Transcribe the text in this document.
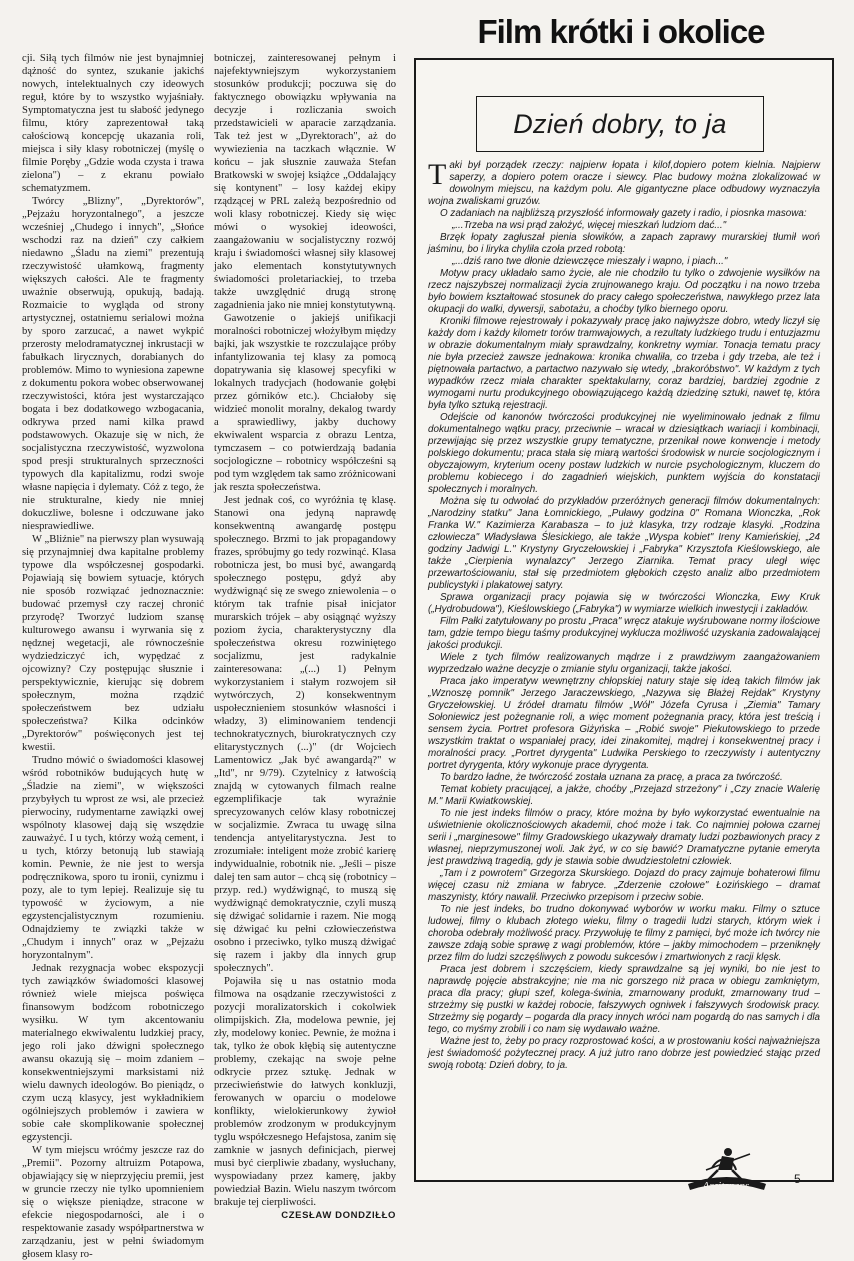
cji. Siłą tych filmów nie jest bynajmniej dążność do syntez, szukanie jakichś nowych, intelektualnych czy ideowych reguł, które by to wszystko wyjaśniały. Symptomatyczna jest tu słabość jedynego filmu, który zaprezentował taką całościową koncepcję ukazania roli, miejsca i siły klasy robotniczej (myślę o filmie Poręby „Gdzie woda czysta i trawa zielona") – z ekranu powiało schematyzmem.

Twórcy „Blizny", „Dyrektorów", „Pejzażu horyzontalnego", a jeszcze wcześniej „Chudego i innych", „Słońce wschodzi raz na dzień" czy całkiem niedawno „Śladu na ziemi" prezentują rzeczywistość ułamkową, fragmenty większych całości. Ale te fragmenty uważnie obserwują, opukują, badają. Rozmaicie to wygląda od strony artystycznej, ostatniemu serialowi można by sporo zarzucać, a nawet wykpić przerosty melodramatycznej inkrustacji w fabułkach lirycznych, dorabianych do problemów. Mimo to wyniesiona zapewne z dokumentu pokora wobec obserwowanej rzeczywistości, która jest wystarczająco bogata i bez dodatkowego wzbogacania, odkrywa przed nami kilka prawd podstawowych. Okazuje się w nich, że socjalistyczna rzeczywistość, wyzwolona spod presji strukturalnych sprzeczności typowych dla kapitalizmu, rodzi swoje własne napięcia i dylematy. Cóż z tego, że nie strukturalne, kiedy nie mniej dokuczliwe, bolesne i odczuwane jako niesprawiedliwe.

W „Bliźnie" na pierwszy plan wysuwają się przynajmniej dwa kapitalne problemy typowe dla współczesnej gospodarki. Pojawiają się bowiem sytuacje, których nie sposób rozwiązać jednoznacznie: budować przemysł czy raczej chronić przyrodę? Tworzyć ludziom szansę kulturowego awansu i wyrwania się z nędznej wegetacji, ale równocześnie wydziedziczyć ich, wypędzać z ojcowizny? Czy postępując słusznie i perspektywicznie, kierując się dobrem społecznym, można rządzić społeczeństwem bez udziału społeczeństwa? Kilka odcinków „Dyrektorów" poświęconych jest tej kwestii.

Trudno mówić o świadomości klasowej wśród robotników budujących hutę w „Śladzie na ziemi", w większości przybyłych tu wprost ze wsi, ale przecież pierwociny, rudymentarne zawiązki owej wspólnoty klasowej dają się wszędzie zauważyć. I u tych, którzy wożą cement, i u tych, którzy betonują lub stawiają komin. Pewnie, że nie jest to wersja podręcznikowa, sporo tu ironii, cynizmu i pozy, ale to tym lepiej. Realizuje się tu typowość w życiowym, a nie egzystencjalistycznym rozumieniu. Odnajdziemy te związki także w „Chudym i innych" oraz w „Pejzażu horyzontalnym".

Jednak rezygnacja wobec ekspozycji tych zawiązków świadomości klasowej również wiele miejsca poświęca finansowym bodźcom robotniczego wysiłku. W tym akcentowaniu materialnego ekwiwalentu ludzkiej pracy, jego roli jako dźwigni społecznego awansu okazują się – moim zdaniem – konsekwentniejszymi marksistami niż wielu dawnych ideologów. Bo pieniądz, o czym uczą klasycy, jest wykładnikiem ogólniejszych problemów i zawiera w sobie całe skomplikowanie społecznej egzystencji.

W tym miejscu wróćmy jeszcze raz do „Premii". Pozorny altruizm Potapowa, objawiający się w nieprzyjęciu premii, jest w gruncie rzeczy nie tylko upomnieniem się o większe pieniądze, stracone w efekcie niegospodarności, ale i o respektowanie zasady współpartnerstwa w zarządzaniu, jest w pełni świadomym głosem klasy ro-

botniczej, zainteresowanej pełnym i najefektywniejszym wykorzystaniem stosunków produkcji; poczuwa się do faktycznego obowiązku wpływania na decyzje i rozliczania swoich przedstawicieli w aparacie zarządzania. Tak też jest w „Dyrektorach", aż do wywiezienia na taczkach włącznie. W końcu – jak słusznie zauważa Stefan Bratkowski w swojej książce „Oddalający się kontynent" – losy każdej ekipy rządzącej w PRL zależą bezpośrednio od woli klasy robotniczej. Kiedy się więc mówi o wysokiej ideowości, zaangażowaniu w socjalistyczny rozwój kraju i świadomości własnej siły klasowej jako elementach konstytutywnych świadomości proletariackiej, to trzeba także uwzględnić drugą stronę zagadnienia jako nie mniej konstytutywną.

Gawotzenie o jakiejś unifikacji moralności robotniczej włożyłbym między bajki, jak wszystkie te rozczulające próby infantylizowania tej klasy za pomocą dopatrywania się klasowej specyfiki w lokalnych tradycjach (hodowanie gołębi przez górników etc.). Chciałoby się widzieć monolit moralny, dekalog twardy a sprawiedliwy, jakby duchowy ekwiwalent wsparcia z obrazu Lentza, tymczasem – co potwierdzają badania socjologiczne – robotnicy współcześni są pod tym względem tak samo zróżnicowani jak reszta społeczeństwa.

Jest jednak coś, co wyróżnia tę klasę. Stanowi ona jedyną naprawdę konsekwentną awangardę postępu społecznego. Brzmi to jak propagandowy frazes, spróbujmy go tedy rozwinąć. Klasa robotnicza jest, bo musi być, awangardą społecznego postępu, gdyż aby wydźwignąć się ze swego zniewolenia – o którym tak trafnie pisał inicjator murarskich trójek – aby osiągnąć wyższy poziom życia, charakterystyczny dla społeczeństwa okresu rozwiniętego socjalizmu, jest radykalnie zainteresowana: „(...) 1) Pełnym wykorzystaniem i stałym rozwojem sił wytwórczych, 2) konsekwentnym uspołecznieniem stosunków własności i władzy, 3) eliminowaniem tendencji technokratycznych, biurokratycznych czy elitarystycznych (...)" (dr Wojciech Lamentowicz „Jak być awangardą?" w „Itd", nr 9/79). Czytelnicy z łatwością znajdą w cytowanych filmach realne egzemplifikacje tak wyraźnie sprecyzowanych celów klasy robotniczej w socjalizmie. Zwraca tu uwagę silna tendencja antyelitarystyczna. Jest to zrozumiałe: inteligent może zrobić karierę indywidualnie, robotnik nie. „Jeśli – pisze dalej ten sam autor – chcą się (robotnicy – przyp. red.) wydźwignąć, to muszą się wydźwignąć demokratycznie, czyli muszą się dźwigać solidarnie i razem. Nie mogą się dźwigać ku pełni człowieczeństwa osobno i przeciwko, tylko muszą dźwigać się razem i jakby dla innych grup społecznych".

Pojawiła się u nas ostatnio moda filmowa na osądzanie rzeczywistości z pozycji moralizatorskich i cokolwiek olimpijskich. Zła, modelowa pewnie, jej zły, modelowy koniec. Pewnie, że można i tak, tylko że obok kłębią się autentyczne problemy, czekając na swoje pełne odkrycie przez sztukę. Jednak w przeciwieństwie do łatwych konkluzji, ferowanych w oparciu o modelowe konflikty, wielokierunkowy żywioł problemów zrodzonym w produkcyjnym tyglu współczesnego Hefajstosa, zanim się zamknie w jasnych definicjach, pierwej musi być cierpliwie zbadany, wysłuchany, wyspowiadany przez kamerę, jakby powiedział Bazin. Wielu naszym twórcom brakuje tej cierpliwości.

CZESŁAW DONDZIŁŁO

Film krótki i okolice
Dzień dobry, to ja

Taki był porządek rzeczy: najpierw łopata i kilof,dopiero potem kielnia. Najpierw saperzy, a dopiero potem oracze i siewcy. Plac budowy można zlokalizować w dowolnym miejscu, na każdym polu. Ale gigantyczne place odbudowy wyznaczyła wojna zwaliskami gruzów.

O zadaniach na najbliższą przyszłość informowały gazety i radio, i piosnka masowa:

„...Trzeba na wsi prąd założyć, więcej mieszkań ludziom dać..."

Brzęk łopaty zagłuszał pienia słowików, a zapach zaprawy murarskiej tłumił woń jaśminu, bo i liryka chyliła czoła przed robotą:

„...dziś rano twe dłonie dziewczęce mieszały i wapno, i piach..."

Motyw pracy układało samo życie, ale nie chodziło tu tylko o zdwojenie wysiłków na rzecz najszybszej normalizacji życia zrujnowanego kraju. Od początku i na nowo trzeba było bowiem kształtować stosunek do pracy całego społeczeństwa, nawykłego przez lata okupacji do walki, dywersji, sabotażu, a choćby tylko biernego oporu.

Kroniki filmowe rejestrowały i pokazywały pracę jako najwyższe dobro, wtedy liczył się każdy dom i każdy kilometr torów tramwajowych, a rezultaty ludzkiego trudu i entuzjazmu w obrazie dokumentalnym miały sprawdzalny, konkretny wymiar. Tonacja tematu pracy nie była przecież zawsze jednakowa: kronika chwaliła, co trzeba i gdy trzeba, ale też i piętnowała partactwo, a partactwo nazywało się wtedy, „brakoróbstwo". W każdym z tych wypadków rzecz miała charakter spektakularny, coraz bardziej, bardziej zgodnie z wymogami nurtu produkcyjnego obowiązującego każdą dziedzinę sztuki, nawet tę, która była tylko sztuką rejestracji.

Odejście od kanonów twórczości produkcyjnej nie wyeliminowało jednak z filmu dokumentalnego wątku pracy, przeciwnie – wracał w dziesiątkach wariacji i kombinacji, przewijając się przez wszystkie grupy tematyczne, przenikał nowe konwencje i metody polskiego dokumentu; praca stała się miarą wartości środowisk w nurcie socjologicznym i obyczajowym, kryterium oceny postaw ludzkich w nurcie psychologicznym, kluczem do problemu kobiecego i do zagadnień wiejskich, punktem wyjścia do konstatacji społecznych i moralnych.

Można się tu odwołać do przykładów przeróżnych generacji filmów dokumentalnych: „Narodziny statku" Jana Łomnickiego, „Puławy godzina 0" Romana Wionczka, „Rok Franka W." Kazimierza Karabasza – to już klasyka, trzy rodzaje klasyki. „Rodzina człowiecza" Władysława Ślesickiego, ale także „Wyspa kobiet" Ireny Kamieńskiej, „24 godziny Jadwigi L." Krystyny Gryczełowskiej i „Fabryka" Krzysztofa Kieślowskiego, ale także „Cierpienia wynalazcy" Jerzego Ziarnika. Temat pracy uległ więc przewartościowaniu, stał się przedmiotem głębokich często analiz albo przedmiotem publicystyki i plakatowej satyry.

Sprawa organizacji pracy pojawia się w twórczości Wionczka, Ewy Kruk („Hydrobudowa"), Kieślowskiego („Fabryka") w wymiarze wielkich inwestycji i zakładów.

Film Pałki zatytułowany po prostu „Praca" wręcz atakuje wyśrubowane normy ilościowe tam, gdzie tempo biegu taśmy produkcyjnej wyklucza możliwość uzyskania zadowalającej jakości produkcji.

Wiele z tych filmów realizowanych mądrze i z prawdziwym zaangażowaniem wyprzedzało ważne decyzje o zmianie stylu organizacji, także jakości.

Praca jako imperatyw wewnętrzny chłopskiej natury staje się ideą takich filmów jak „Wznoszę pomnik" Jerzego Jaraczewskiego, „Nazywa się Błażej Rejdak" Krystyny Gryczełowskiej. U źródeł dramatu filmów „Wół" Józefa Cyrusa i „Ziemia" Tamary Sołoniewicz jest pożegnanie roli, a więc moment pożegnania pracy, która jest treścią i sensem życia. Portret profesora Giżyńska – „Robić swoje" Piekutowskiego to przede wszystkim traktat o wspaniałej pracy, idei zinakomitej, mądrej i konsekwentnej pracy i moralności pracy. „Portret dyrygenta" Ludwika Perskiego to rzeczywisty i autentyczny portret dyrygenta, który wykonuje prace dyrygenta.

To bardzo ładne, że twórczość została uznana za pracę, a praca za twórczość.

Temat kobiety pracującej, a jakże, choćby „Przejazd strzeżony" i „Czy znacie Walerię M." Marii Kwiatkowskiej.

To nie jest indeks filmów o pracy, które można by było wykorzystać ewentualnie na uświetnienie okolicznościowych akademii, choć może i tak. Co najmniej połowa czarnej serii i „marginesowe" filmy Gradowskiego ukazywały dramaty ludzi pozbawionych pracy z własnej, nieprzymuszonej woli. Jak żyć, w co się bawić? Dramatyczne pytanie emeryta jest prawdziwą tragedią, gdy je stawia sobie dwudziestoletni człowiek.

„Tam i z powrotem" Grzegorza Skurskiego. Dojazd do pracy zajmuje bohaterowi filmu więcej czasu niż zmiana w fabryce. „Zderzenie czołowe" Łozińskiego – dramat maszynisty, który nawalił. Przeciwko przepisom i przeciw sobie.

To nie jest indeks, bo trudno dokonywać wyborów w worku maku. Filmy o sztuce ludowej, filmy o klubach złotego wieku, filmy o tragedii ludzi starych, którym wiek i choroba odebrały możliwość pracy. Przywołuję te filmy z pamięci, być może ich twórcy nie zawsze zdają sobie sprawę z wagi problemów, które – jakby mimochodem – przeniknęły przez film do ludzi szczęśliwych z powodu sukcesów i zmartwionych z racji klęsk.

Praca jest dobrem i szczęściem, kiedy sprawdzalne są jej wyniki, bo nie jest to naprawdę pojęcie abstrakcyjne; nie ma nic gorszego niż praca w obiegu zamkniętym, praca dla pracy; głupi szef, kolega-świnia, zmarnowany produkt, zmarnowany trud – strzeżmy się pustki w każdej robocie, fałszywych ogniwek i fałszywych środowisk pracy. Strzeżmy się pogardy – pogarda dla pracy innych wróci nam pogardą do nas samych i dla tego, co myśmy zrobili i co nam się wydawało ważne.

Ważne jest to, żeby po pracy rozprostować kości, a w prostowaniu kości najważniejsza jest świadomość pożytecznej pracy. A już jutro rano dobrze jest powiedzieć stając przed swoją robotą: Dzień dobry, to ja.

Arcitenens	5
